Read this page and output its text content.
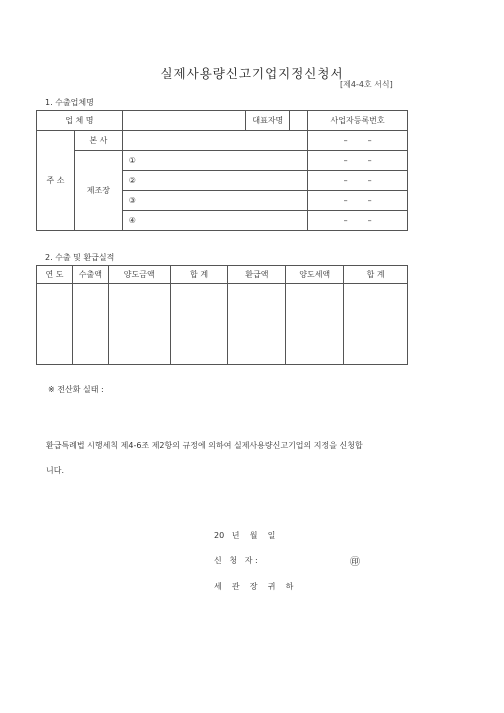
실제사용량신고기업지정신청서
[제4-4호 서식]
1. 수출업체명
업 체 명			대표자명		사업자등록번호
주 소	본 사				– –
	제조장	①			– –
		②			– –
		③			– –
		④			– –
2. 수출 및 환급실적
연 도	수출액	양도금액	합 계	환급액	양도세액	합 계

※ 전산화 실태 :
환급특례법 시행세칙 제4-6조 제2항의 규정에 의하여 실제사용량신고기업의 지정을 신청합
니다.
20   년    월    일
신   청   자 :	㊞
세    관    장    귀    하
